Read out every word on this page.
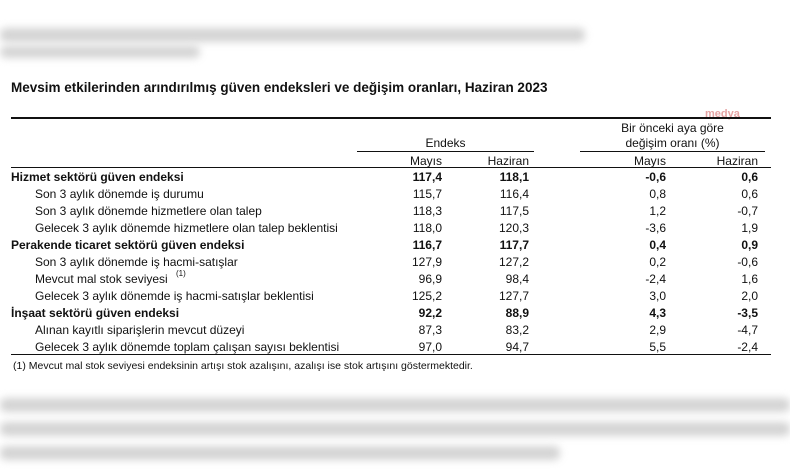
Mevsim etkilerinden arındırılmış güven endeksleri ve değişim oranları, Haziran 2023
medya
Endeks
Bir önceki aya göre
değişim oranı (%)
Mayıs	Haziran	Mayıs	Haziran
Hizmet sektörü güven endeksi	117,4	118,1	-0,6	0,6
Son 3 aylık dönemde iş durumu	115,7	116,4	0,8	0,6
Son 3 aylık dönemde hizmetlere olan talep	118,3	117,5	1,2	-0,7
Gelecek 3 aylık dönemde hizmetlere olan talep beklentisi	118,0	120,3	-3,6	1,9
Perakende ticaret sektörü güven endeksi	116,7	117,7	0,4	0,9
Son 3 aylık dönemde iş hacmi-satışlar	127,9	127,2	0,2	-0,6
Mevcut mal stok seviyesi (1)	96,9	98,4	-2,4	1,6
Gelecek 3 aylık dönemde iş hacmi-satışlar beklentisi	125,2	127,7	3,0	2,0
İnşaat sektörü güven endeksi	92,2	88,9	4,3	-3,5
Alınan kayıtlı siparişlerin mevcut düzeyi	87,3	83,2	2,9	-4,7
Gelecek 3 aylık dönemde toplam çalışan sayısı beklentisi	97,0	94,7	5,5	-2,4
(1) Mevcut mal stok seviyesi endeksinin artışı stok azalışını, azalışı ise stok artışını göstermektedir.
